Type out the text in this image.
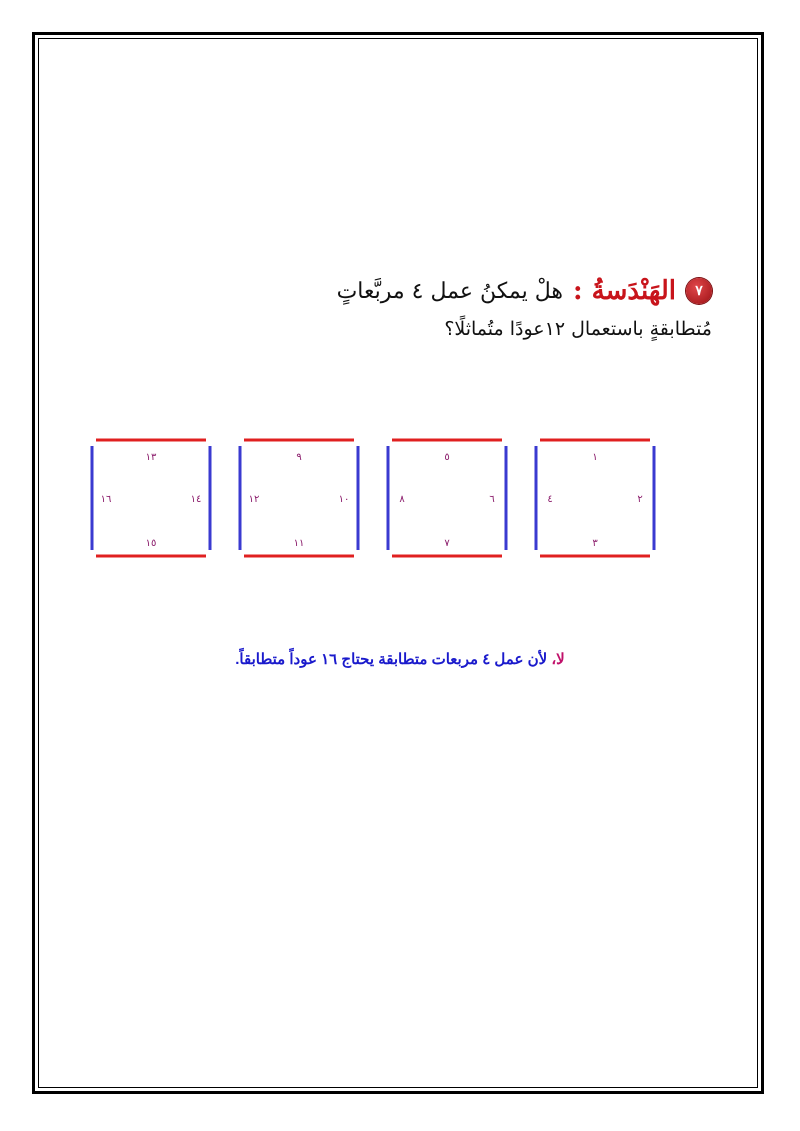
٧
الهَنْدَسةُ :
هلْ يمكنُ عمل ٤ مربَّعاتٍ
مُتطابقةٍ باستعمال ١٢عودًا متُماثلًا؟
١
٣
٢
٤
٥
٧
٦
٨
٩
١١
١٠
١٢
١٣
١٥
١٤
١٦
لا، لأن عمل ٤ مربعات متطابقة يحتاج ١٦ عوداً متطابقاً.
